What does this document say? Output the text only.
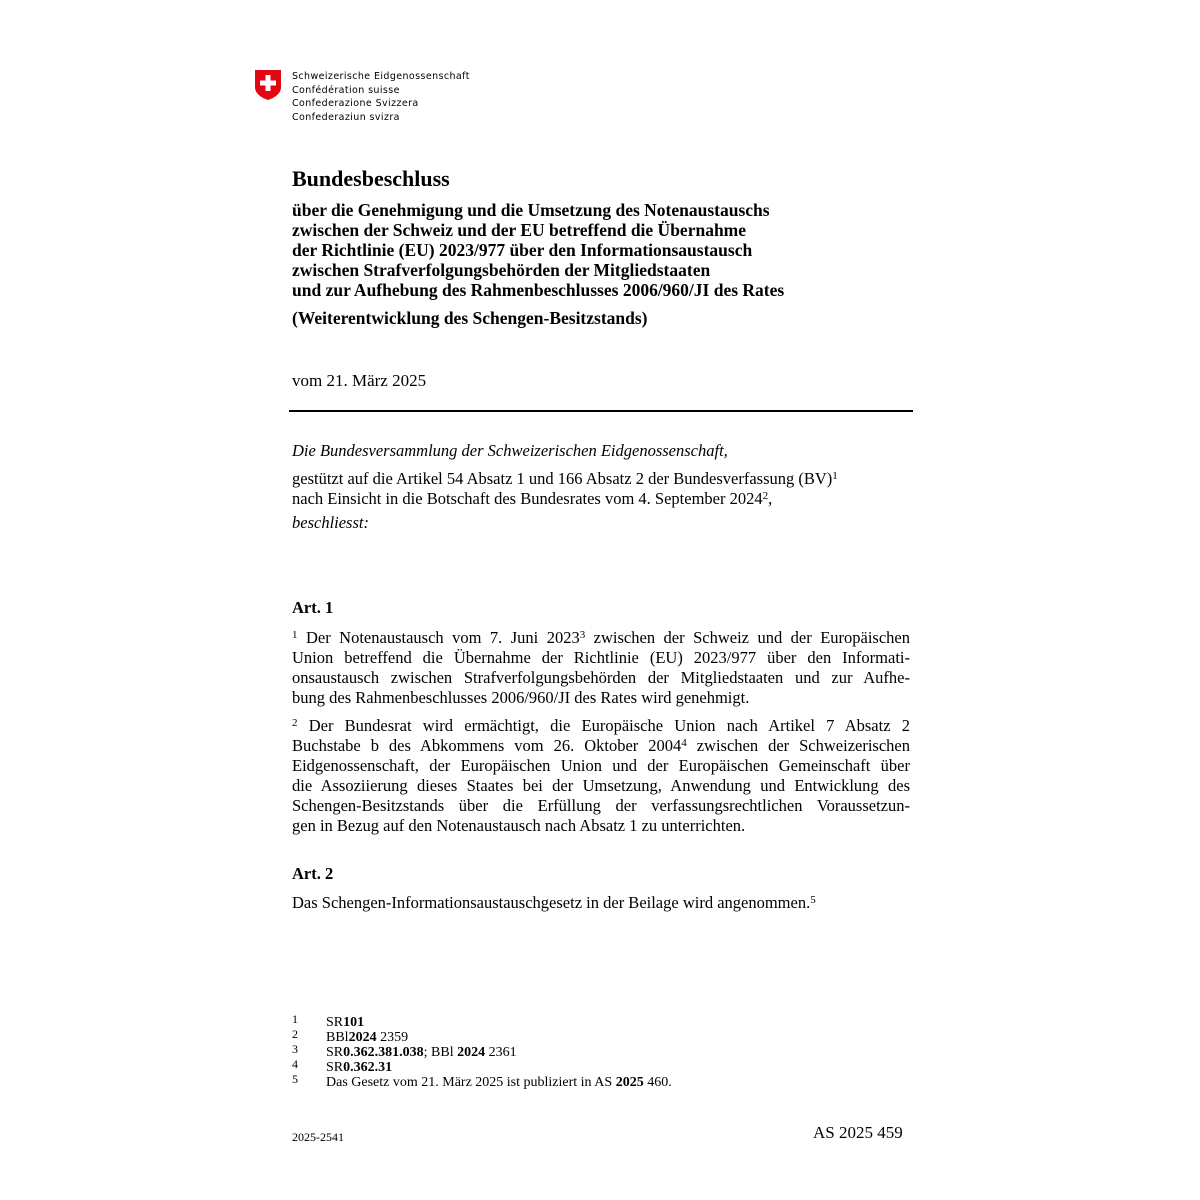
Schweizerische Eidgenossenschaft
Confédération suisse
Confederazione Svizzera
Confederaziun svizra
Bundesbeschluss
über die Genehmigung und die Umsetzung des Notenaustauschs
zwischen der Schweiz und der EU betreffend die Übernahme
der Richtlinie (EU) 2023/977 über den Informationsaustausch
zwischen Strafverfolgungsbehörden der Mitgliedstaaten
und zur Aufhebung des Rahmenbeschlusses 2006/960/JI des Rates
(Weiterentwicklung des Schengen-Besitzstands)
vom 21. März 2025
Die Bundesversammlung der Schweizerischen Eidgenossenschaft,
gestützt auf die Artikel 54 Absatz 1 und 166 Absatz 2 der Bundesverfassung (BV)$^1$
nach Einsicht in die Botschaft des Bundesrates vom 4. September 2024$^2$,
beschliesst:
Art. 1
$^1$ Der Notenaustausch vom 7. Juni 2023$^3$ zwischen der Schweiz und der Europäischen
Union betreffend die Übernahme der Richtlinie (EU) 2023/977 über den Informati-
onsaustausch zwischen Strafverfolgungsbehörden der Mitgliedstaaten und zur Aufhe-
bung des Rahmenbeschlusses 2006/960/JI des Rates wird genehmigt.
$^2$ Der Bundesrat wird ermächtigt, die Europäische Union nach Artikel 7 Absatz 2
Buchstabe b des Abkommens vom 26. Oktober 2004$^4$ zwischen der Schweizerischen
Eidgenossenschaft, der Europäischen Union und der Europäischen Gemeinschaft über
die Assoziierung dieses Staates bei der Umsetzung, Anwendung und Entwicklung des
Schengen-Besitzstands über die Erfüllung der verfassungsrechtlichen Voraussetzun-
gen in Bezug auf den Notenaustausch nach Absatz 1 zu unterrichten.
Art. 2
Das Schengen-Informationsaustauschgesetz in der Beilage wird angenommen.$^5$
1	SR 101
2	BBl 2024 2359
3	SR 0.362.381.038 ; BBl 2024 2361
4	SR 0.362.31
5	Das Gesetz vom 21. März 2025 ist publiziert in AS 2025 460.
2025-2541	AS 2025 459
